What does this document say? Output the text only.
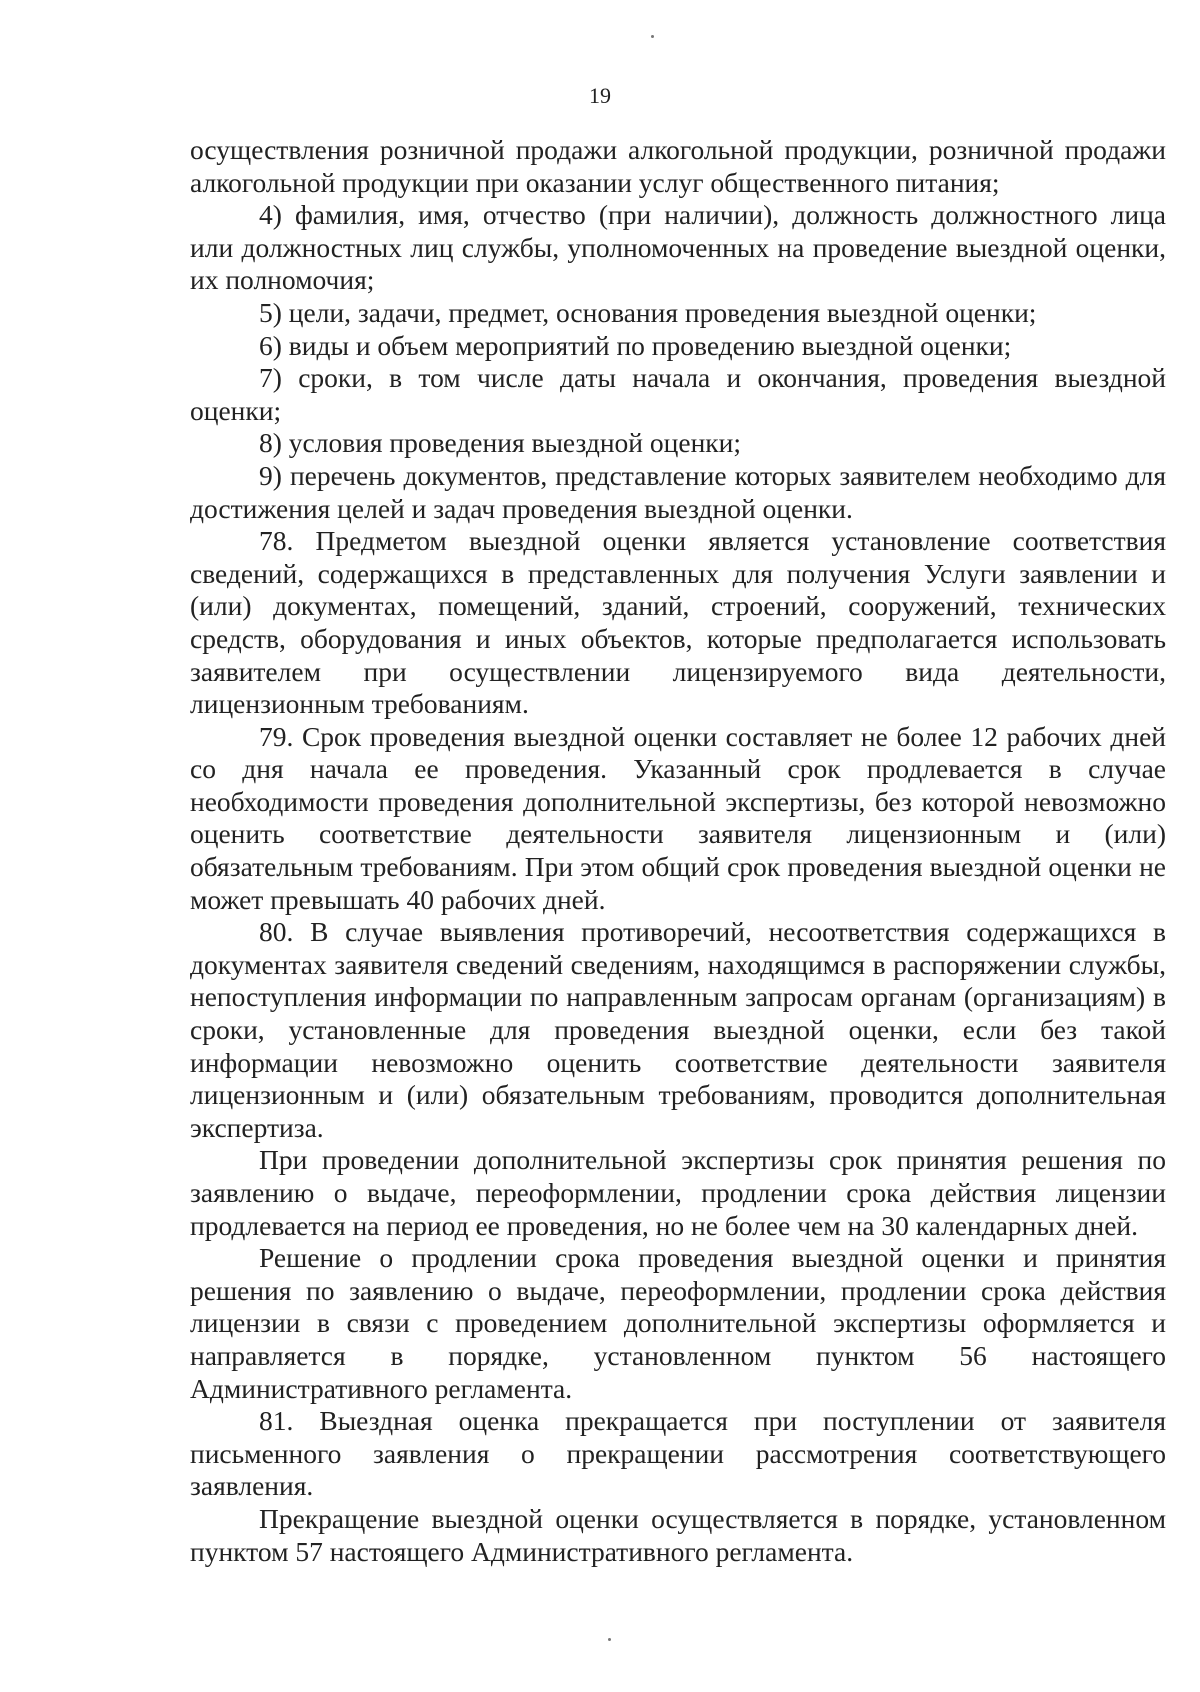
19

осуществления розничной продажи алкогольной продукции, розничной продажи алкогольной продукции при оказании услуг общественного питания;

4) фамилия, имя, отчество (при наличии), должность должностного лица или должностных лиц службы, уполномоченных на проведение выездной оценки, их полномочия;

5) цели, задачи, предмет, основания проведения выездной оценки;

6) виды и объем мероприятий по проведению выездной оценки;

7) сроки, в том числе даты начала и окончания, проведения выездной оценки;

8) условия проведения выездной оценки;

9) перечень документов, представление которых заявителем необходимо для достижения целей и задач проведения выездной оценки.

78. Предметом выездной оценки является установление соответствия сведений, содержащихся в представленных для получения Услуги заявлении и (или) документах, помещений, зданий, строений, сооружений, технических средств, оборудования и иных объектов, которые предполагается использовать заявителем при осуществлении лицензируемого вида деятельности, лицензионным требованиям.

79. Срок проведения выездной оценки составляет не более 12 рабочих дней со дня начала ее проведения. Указанный срок продлевается в случае необходимости проведения дополнительной экспертизы, без которой невозможно оценить соответствие деятельности заявителя лицензионным и (или) обязательным требованиям. При этом общий срок проведения выездной оценки не может превышать 40 рабочих дней.

80. В случае выявления противоречий, несоответствия содержащихся в документах заявителя сведений сведениям, находящимся в распоряжении службы, непоступления информации по направленным запросам органам (организациям) в сроки, установленные для проведения выездной оценки, если без такой информации невозможно оценить соответствие деятельности заявителя лицензионным и (или) обязательным требованиям, проводится дополнительная экспертиза.

При проведении дополнительной экспертизы срок принятия решения по заявлению о выдаче, переоформлении, продлении срока действия лицензии продлевается на период ее проведения, но не более чем на 30 календарных дней.

Решение о продлении срока проведения выездной оценки и принятия решения по заявлению о выдаче, переоформлении, продлении срока действия лицензии в связи с проведением дополнительной экспертизы оформляется и направляется в порядке, установленном пунктом 56 настоящего Административного регламента.

81. Выездная оценка прекращается при поступлении от заявителя письменного заявления о прекращении рассмотрения соответствующего заявления.

Прекращение выездной оценки осуществляется в порядке, установленном пунктом 57 настоящего Административного регламента.
